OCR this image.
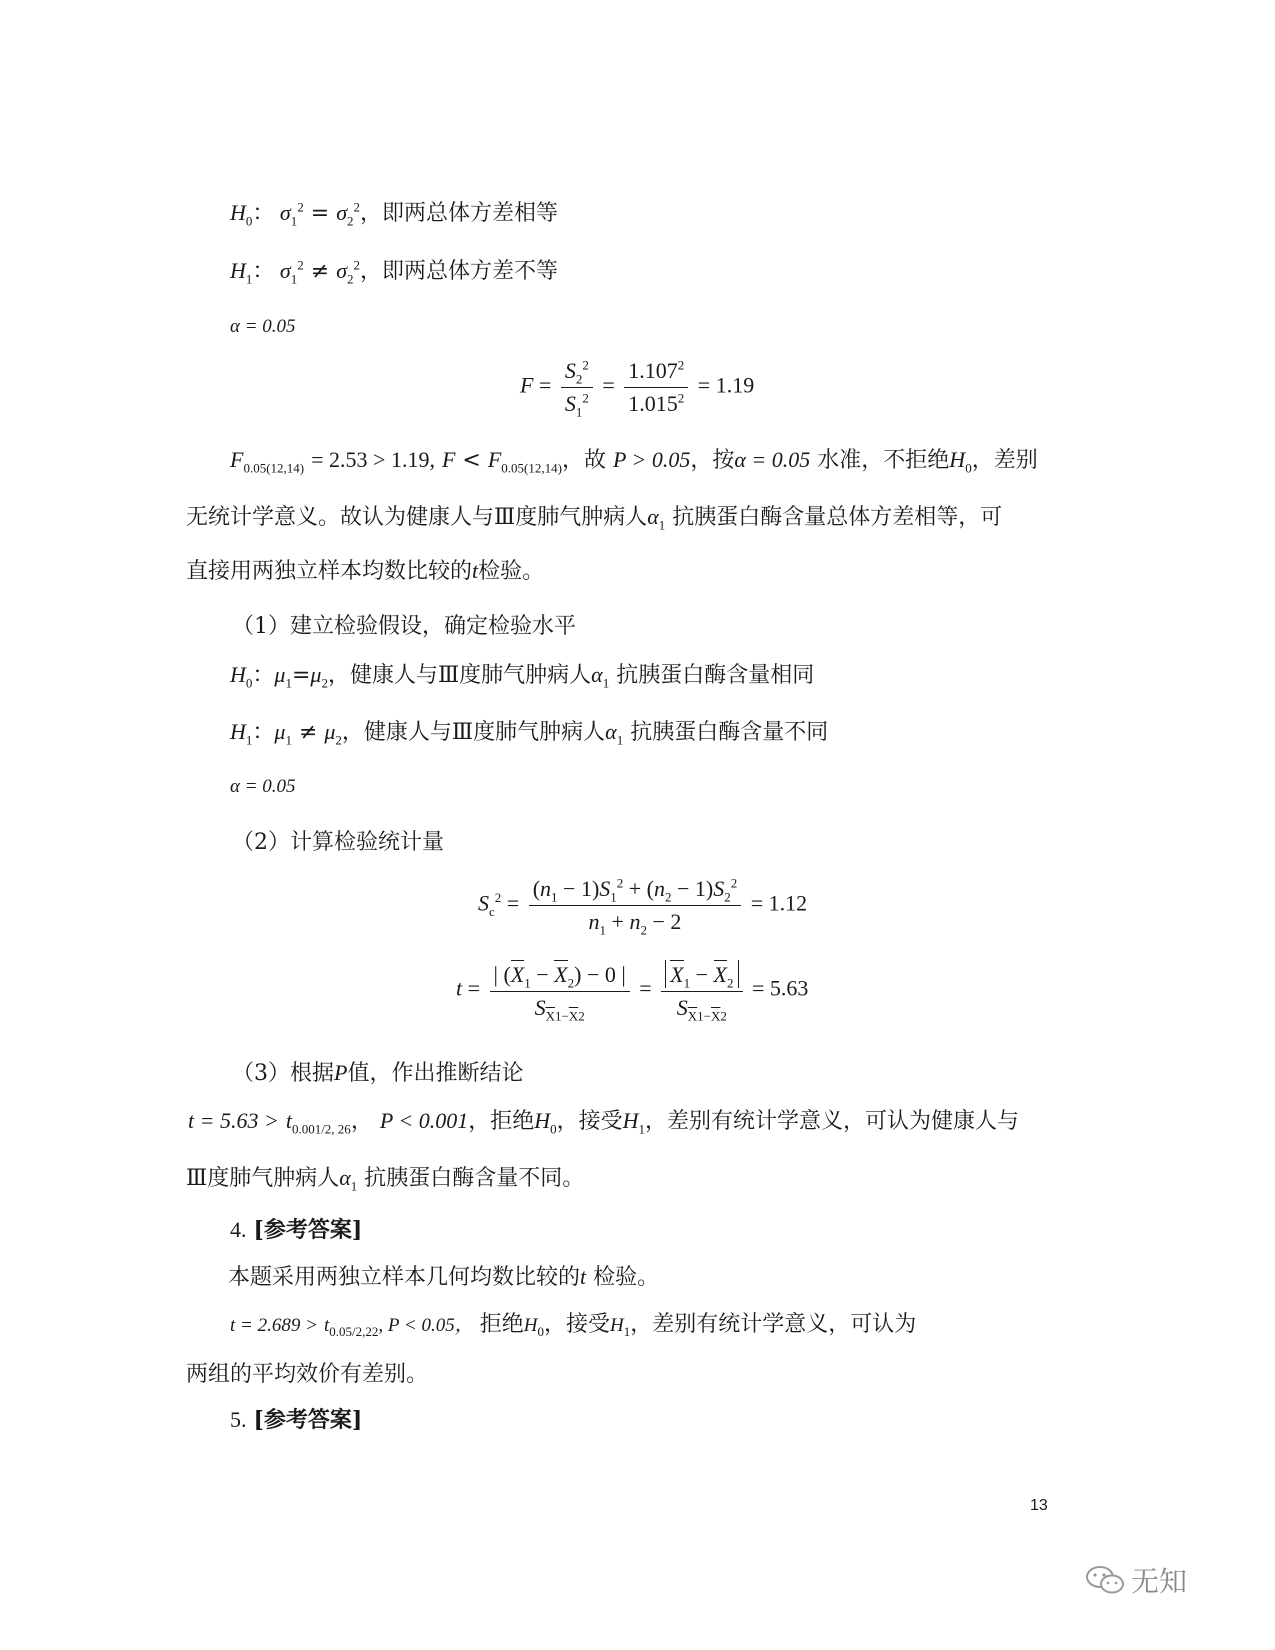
$H_0$： $\sigma_1^2 = \sigma_2^2$，即两总体方差相等
$H_1$： $\sigma_1^2 \ne \sigma_2^2$，即两总体方差不等
α = 0.05
$F = \frac{S_2^2}{S_1^2} = \frac{1.107^2}{1.015^2} = 1.19$
$F_{0.05(12,14)} = 2.53 > 1.19$, $F < F_{0.05(12,14)}$，故 P > 0.05，按α = 0.05 水准，不拒绝$H_0$，差别
无统计学意义。故认为健康人与Ⅲ度肺气肿病人$\alpha_1$ 抗胰蛋白酶含量总体方差相等，可
直接用两独立样本均数比较的t检验。
（1）建立检验假设，确定检验水平
$H_0$：$\mu_1=\mu_2$，健康人与Ⅲ度肺气肿病人$\alpha_1$ 抗胰蛋白酶含量相同
$H_1$：$\mu_1 \ne \mu_2$，健康人与Ⅲ度肺气肿病人$\alpha_1$ 抗胰蛋白酶含量不同
α = 0.05
（2）计算检验统计量
$S_c^2 = \frac{(n_1 - 1)S_1^2 + (n_2 - 1)S_2^2}{n_1 + n_2 - 2} = 1.12$
$t = \frac{| (X_1 - X_2) - 0 |}{S_{\overline{X}1-\overline{X}2}} = \frac{X_1 - X_2}{S_{\overline{X}1-\overline{X}2}} = 5.63$
（3）根据P值，作出推断结论
$t = 5.63 > t_{0.001/2, 26}$， P < 0.001，拒绝$H_0$，接受$H_1$，差别有统计学意义，可认为健康人与
Ⅲ度肺气肿病人$\alpha_1$ 抗胰蛋白酶含量不同。
4. [参考答案]
本题采用两独立样本几何均数比较的t 检验。
$t = 2.689 > t_{0.05/2,22}$, P < 0.05， 拒绝$H_0$，接受$H_1$，差别有统计学意义，可认为
两组的平均效价有差别。
5. [参考答案]
13
无知
